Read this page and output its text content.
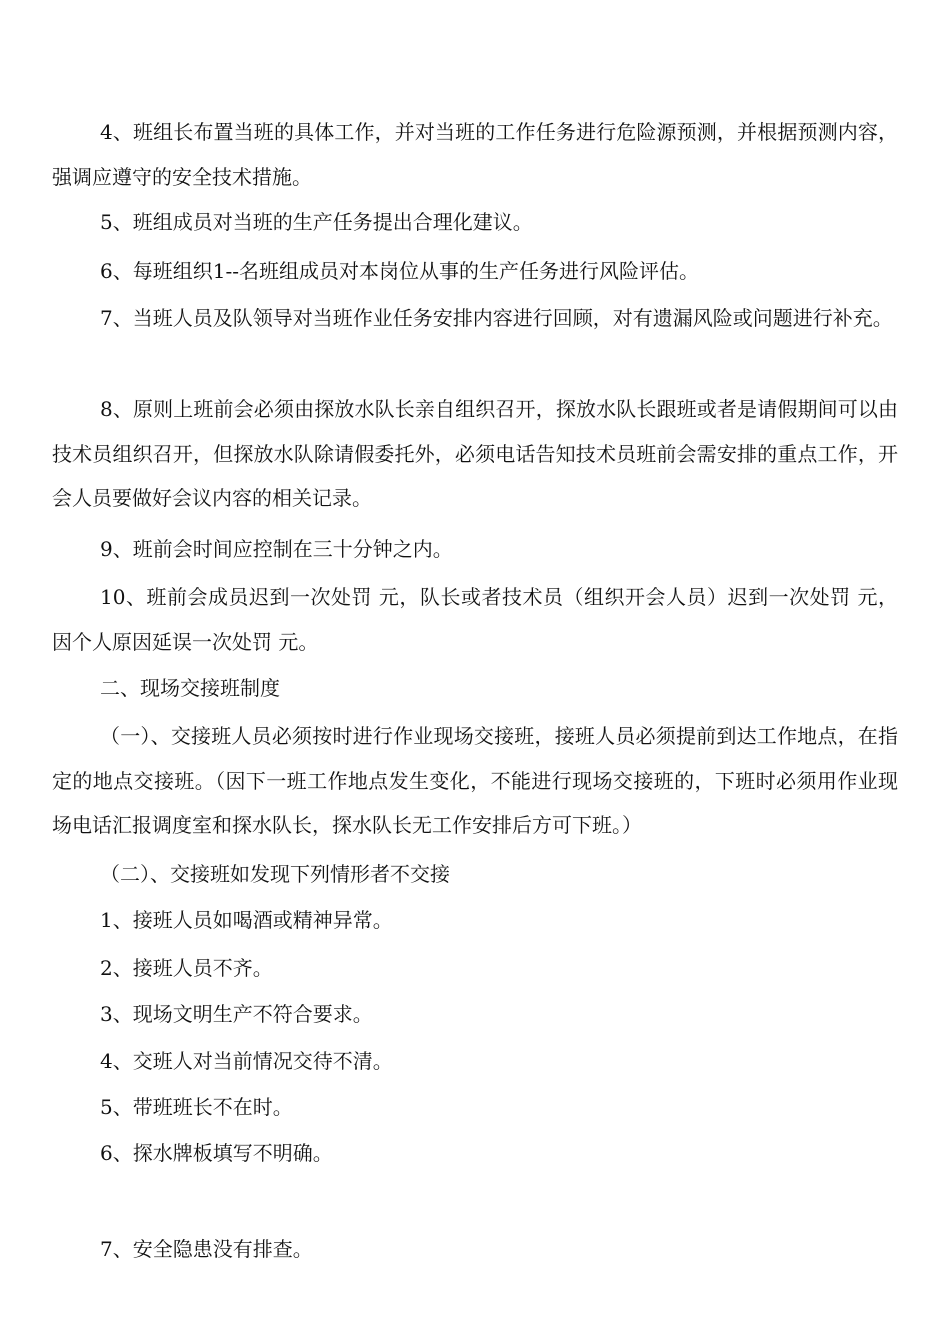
4、班组长布置当班的具体工作，并对当班的工作任务进行危险源预测，并根据预测内容，强调应遵守的安全技术措施。

5、班组成员对当班的生产任务提出合理化建议。

6、每班组织1--名班组成员对本岗位从事的生产任务进行风险评估。

7、当班人员及队领导对当班作业任务安排内容进行回顾，对有遗漏风险或问题进行补充。

8、原则上班前会必须由探放水队长亲自组织召开，探放水队长跟班或者是请假期间可以由技术员组织召开，但探放水队除请假委托外，必须电话告知技术员班前会需安排的重点工作，开会人员要做好会议内容的相关记录。

9、班前会时间应控制在三十分钟之内。

10、班前会成员迟到一次处罚 元，队长或者技术员（组织开会人员）迟到一次处罚 元，因个人原因延误一次处罚 元。

二、现场交接班制度

（一）、交接班人员必须按时进行作业现场交接班，接班人员必须提前到达工作地点，在指定的地点交接班。（因下一班工作地点发生变化，不能进行现场交接班的，下班时必须用作业现场电话汇报调度室和探水队长，探水队长无工作安排后方可下班。）

（二）、交接班如发现下列情形者不交接

1、接班人员如喝酒或精神异常。

2、接班人员不齐。

3、现场文明生产不符合要求。

4、交班人对当前情况交待不清。

5、带班班长不在时。

6、探水牌板填写不明确。

7、安全隐患没有排查。
